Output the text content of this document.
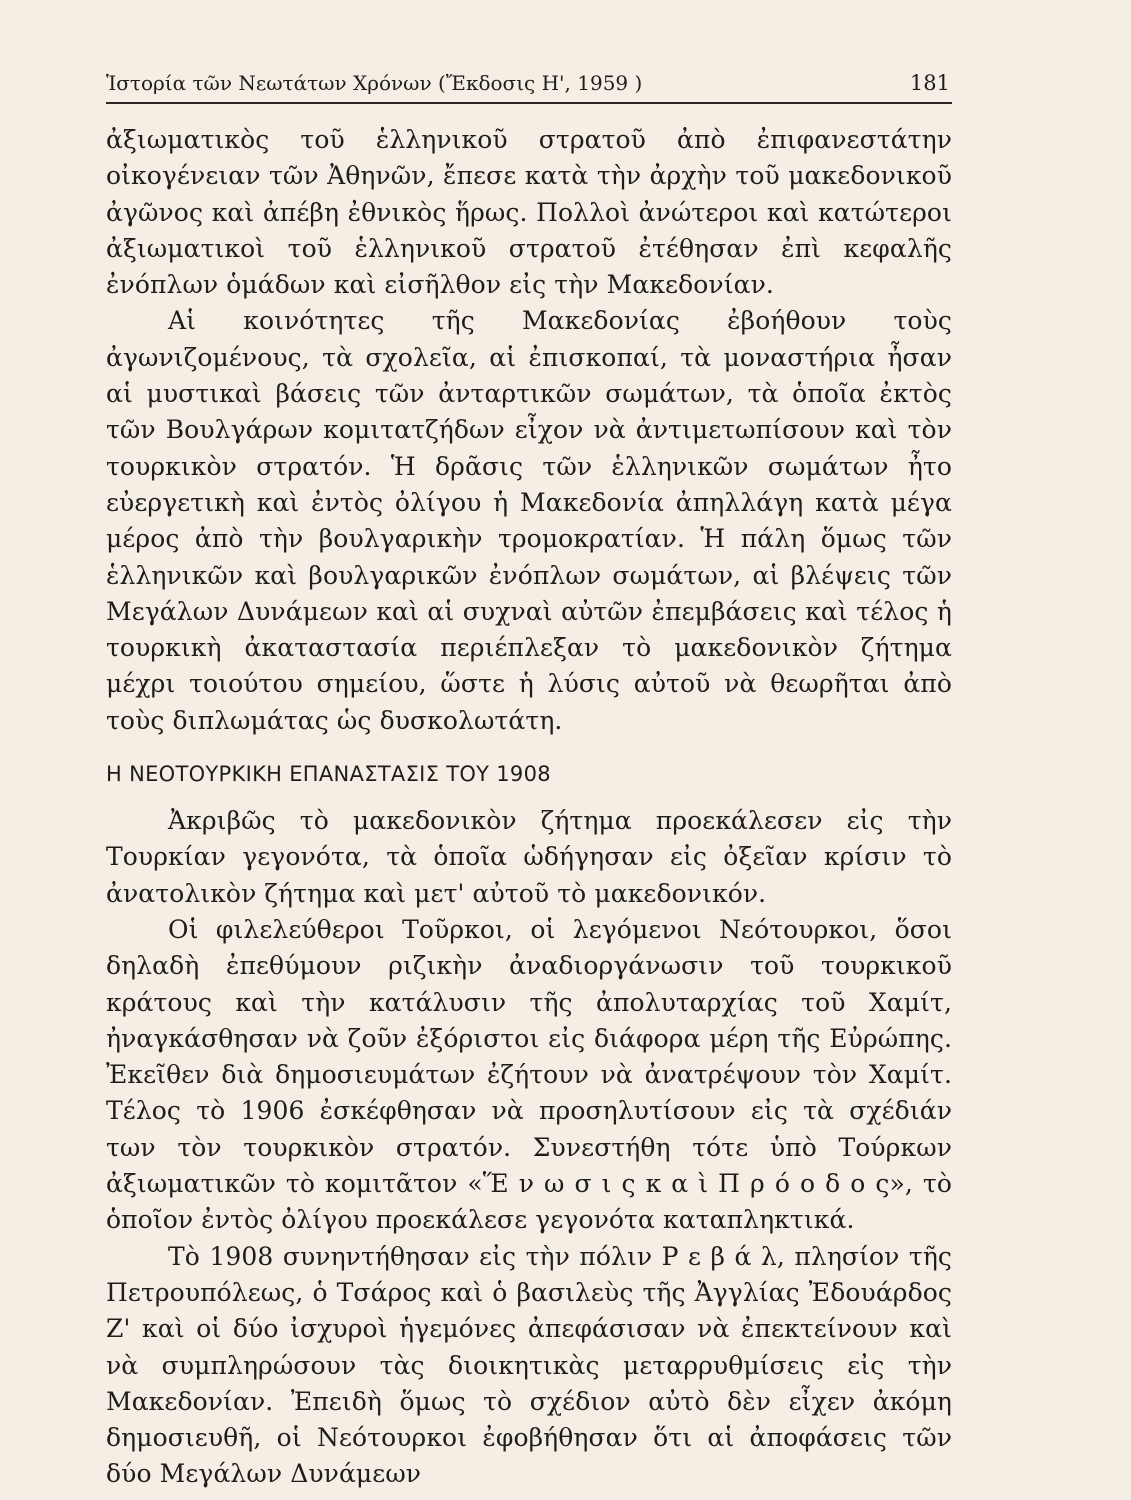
Ἱστορία τῶν Νεωτάτων Χρόνων (Ἔκδοσις Η', 1959 )	181

ἀξιωματικὸς τοῦ ἑλληνικοῦ στρατοῦ ἀπὸ ἐπιφανεστάτην οἰκογένειαν τῶν Ἀθηνῶν, ἔπεσε κατὰ τὴν ἀρχὴν τοῦ μακεδονικοῦ ἀγῶνος καὶ ἀπέβη ἐθνικὸς ἥρως. Πολλοὶ ἀνώτεροι καὶ κατώτεροι ἀξιωματικοὶ τοῦ ἑλληνικοῦ στρατοῦ ἐτέθησαν ἐπὶ κεφαλῆς ἐνόπλων ὁμάδων καὶ εἰσῆλθον εἰς τὴν Μακεδονίαν.

Αἱ κοινότητες τῆς Μακεδονίας ἐβοήθουν τοὺς ἀγωνιζομένους, τὰ σχολεῖα, αἱ ἐπισκοπαί, τὰ μοναστήρια ἦσαν αἱ μυστικαὶ βάσεις τῶν ἀνταρτικῶν σωμάτων, τὰ ὁποῖα ἐκτὸς τῶν Βουλγάρων κομιτατζήδων εἶχον νὰ ἀντιμετωπίσουν καὶ τὸν τουρκικὸν στρατόν. Ἡ δρᾶσις τῶν ἑλληνικῶν σωμάτων ἦτο εὐεργετικὴ καὶ ἐντὸς ὀλίγου ἡ Μακεδονία ἀπηλλάγη κατὰ μέγα μέρος ἀπὸ τὴν βουλγαρικὴν τρομοκρατίαν. Ἡ πάλη ὅμως τῶν ἑλληνικῶν καὶ βουλγαρικῶν ἐνόπλων σωμάτων, αἱ βλέψεις τῶν Μεγάλων Δυνάμεων καὶ αἱ συχναὶ αὐτῶν ἐπεμβάσεις καὶ τέλος ἡ τουρκικὴ ἀκαταστασία περιέπλεξαν τὸ μακεδονικὸν ζήτημα μέχρι τοιούτου σημείου, ὥστε ἡ λύσις αὐτοῦ νὰ θεωρῆται ἀπὸ τοὺς διπλωμάτας ὡς δυσκολωτάτη.

Η ΝΕΟΤΟΥΡΚΙΚΗ ΕΠΑΝΑΣΤΑΣΙΣ ΤΟΥ 1908

Ἀκριβῶς τὸ μακεδονικὸν ζήτημα προεκάλεσεν εἰς τὴν Τουρκίαν γεγονότα, τὰ ὁποῖα ὡδήγησαν εἰς ὀξεῖαν κρίσιν τὸ ἀνατολικὸν ζήτημα καὶ μετ' αὐτοῦ τὸ μακεδονικόν.

Οἱ φιλελεύθεροι Τοῦρκοι, οἱ λεγόμενοι Νεότουρκοι, ὅσοι δηλαδὴ ἐπεθύμουν ριζικὴν ἀναδιοργάνωσιν τοῦ τουρκικοῦ κράτους καὶ τὴν κατάλυσιν τῆς ἀπολυταρχίας τοῦ Χαμίτ, ἠναγκάσθησαν νὰ ζοῦν ἐξόριστοι εἰς διάφορα μέρη τῆς Εὐρώπης. Ἐκεῖθεν διὰ δημοσιευμάτων ἐζήτουν νὰ ἀνατρέψουν τὸν Χαμίτ. Τέλος τὸ 1906 ἐσκέφθησαν νὰ προσηλυτίσουν εἰς τὰ σχέδιάν των τὸν τουρκικὸν στρατόν. Συνεστήθη τότε ὑπὸ Τούρκων ἀξιωματικῶν τὸ κομιτᾶτον «Ἕ ν ω σ ι ς κ α ὶ Π ρ ό ο δ ο ς», τὸ ὁποῖον ἐντὸς ὀλίγου προεκάλεσε γεγονότα καταπληκτικά.

Τὸ 1908 συνηντήθησαν εἰς τὴν πόλιν Ρ ε β ά λ, πλησίον τῆς Πετρουπόλεως, ὁ Τσάρος καὶ ὁ βασιλεὺς τῆς Ἀγγλίας Ἐδουάρδος Ζ' καὶ οἱ δύο ἰσχυροὶ ἡγεμόνες ἀπεφάσισαν νὰ ἐπεκτείνουν καὶ νὰ συμπληρώσουν τὰς διοικητικὰς μεταρρυθμίσεις εἰς τὴν Μακεδονίαν. Ἐπειδὴ ὅμως τὸ σχέδιον αὐτὸ δὲν εἶχεν ἀκόμη δημοσιευθῆ, οἱ Νεότουρκοι ἐφοβήθησαν ὅτι αἱ ἀποφάσεις τῶν δύο Μεγάλων Δυνάμεων
